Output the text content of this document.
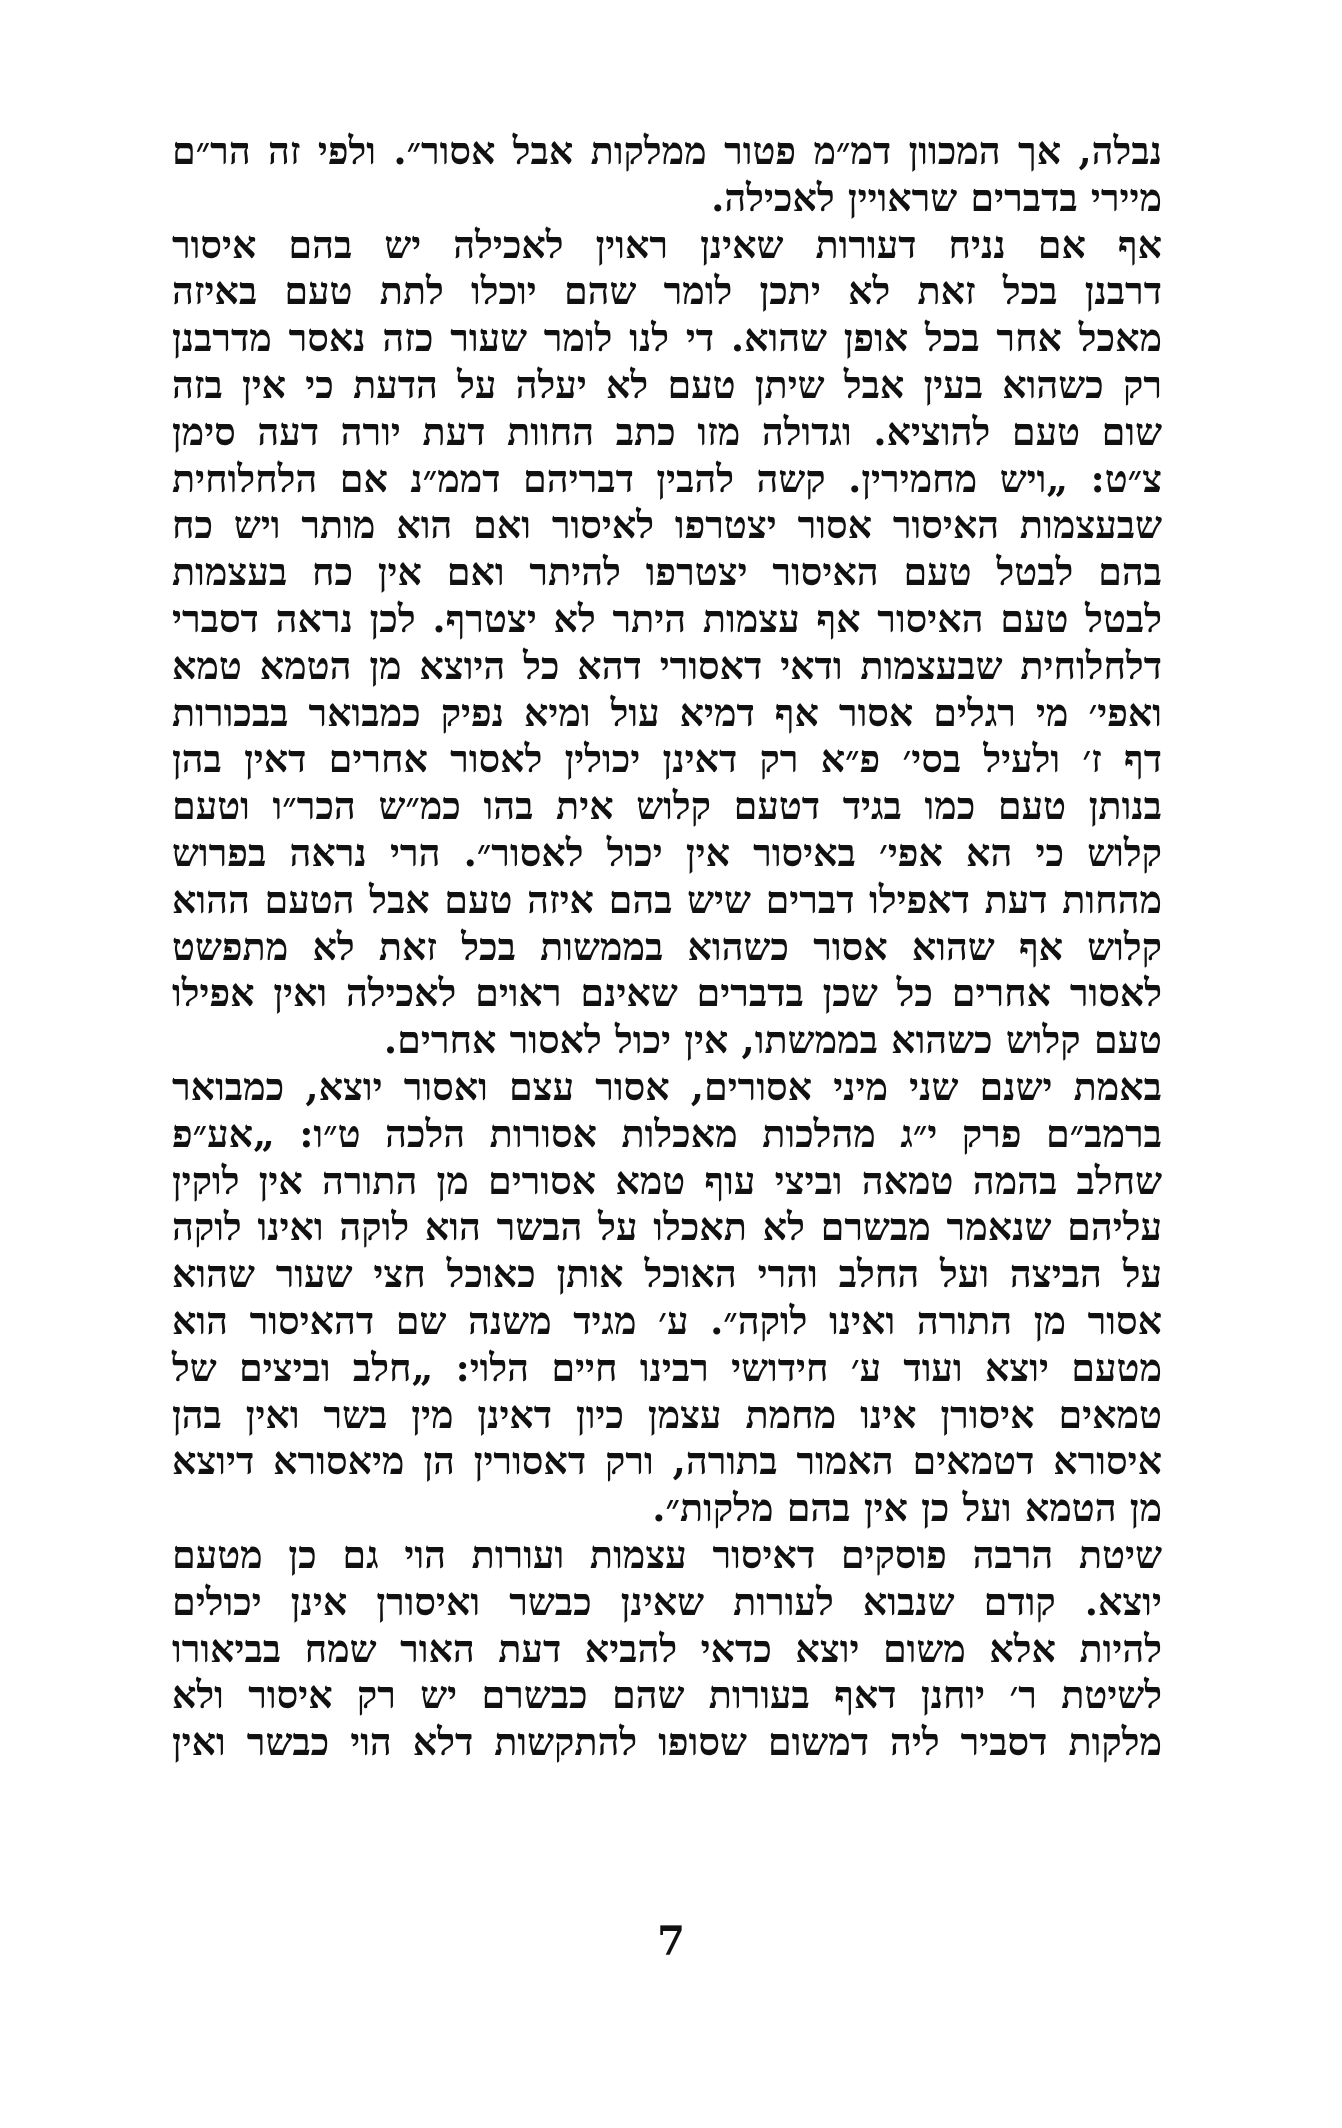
נבלה, אך המכוון דמ״מ פטור ממלקות אבל אסור״. ולפי זה הר״ם
מיירי בדברים שראויין לאכילה.
אף אם נניח דעורות שאינן ראוין לאכילה יש בהם איסור
דרבנן בכל זאת לא יתכן לומר שהם יוכלו לתת טעם באיזה
מאכל אחר בכל אופן שהוא. די לנו לומר שעור כזה נאסר מדרבנן
רק כשהוא בעין אבל שיתן טעם לא יעלה על הדעת כי אין בזה
שום טעם להוציא. וגדולה מזו כתב החוות דעת יורה דעה סימן
צ״ט: „ויש מחמירין. קשה להבין דבריהם דממ״נ אם הלחלוחית
שבעצמות האיסור אסור יצטרפו לאיסור ואם הוא מותר ויש כח
בהם לבטל טעם האיסור יצטרפו להיתר ואם אין כח בעצמות
לבטל טעם האיסור אף עצמות היתר לא יצטרף. לכן נראה דסברי
דלחלוחית שבעצמות ודאי דאסורי דהא כל היוצא מן הטמא טמא
ואפי׳ מי רגלים אסור אף דמיא עול ומיא נפיק כמבואר בבכורות
דף ז׳ ולעיל בסי׳ פ״א רק דאינן יכולין לאסור אחרים דאין בהן
בנותן טעם כמו בגיד דטעם קלוש אית בהו כמ״ש הכר״ו וטעם
קלוש כי הא אפי׳ באיסור אין יכול לאסור״. הרי נראה בפרוש
מהחות דעת דאפילו דברים שיש בהם איזה טעם אבל הטעם ההוא
קלוש אף שהוא אסור כשהוא בממשות בכל זאת לא מתפשט
לאסור אחרים כל שכן בדברים שאינם ראוים לאכילה ואין אפילו
טעם קלוש כשהוא בממשתו, אין יכול לאסור אחרים.
באמת ישנם שני מיני אסורים, אסור עצם ואסור יוצא, כמבואר
ברמב״ם פרק י״ג מהלכות מאכלות אסורות הלכה ט״ו: „אע״פ
שחלב בהמה טמאה וביצי עוף טמא אסורים מן התורה אין לוקין
עליהם שנאמר מבשרם לא תאכלו על הבשר הוא לוקה ואינו לוקה
על הביצה ועל החלב והרי האוכל אותן כאוכל חצי שעור שהוא
אסור מן התורה ואינו לוקה״. ע׳ מגיד משנה שם דהאיסור הוא
מטעם יוצא ועוד ע׳ חידושי רבינו חיים הלוי: „חלב וביצים של
טמאים איסורן אינו מחמת עצמן כיון דאינן מין בשר ואין בהן
איסורא דטמאים האמור בתורה, ורק דאסורין הן מיאסורא דיוצא
מן הטמא ועל כן אין בהם מלקות״.
שיטת הרבה פוסקים דאיסור עצמות ועורות הוי גם כן מטעם
יוצא. קודם שנבוא לעורות שאינן כבשר ואיסורן אינן יכולים
להיות אלא משום יוצא כדאי להביא דעת האור שמח בביאורו
לשיטת ר׳ יוחנן דאף בעורות שהם כבשרם יש רק איסור ולא
מלקות דסביר ליה דמשום שסופו להתקשות דלא הוי כבשר ואין
7
